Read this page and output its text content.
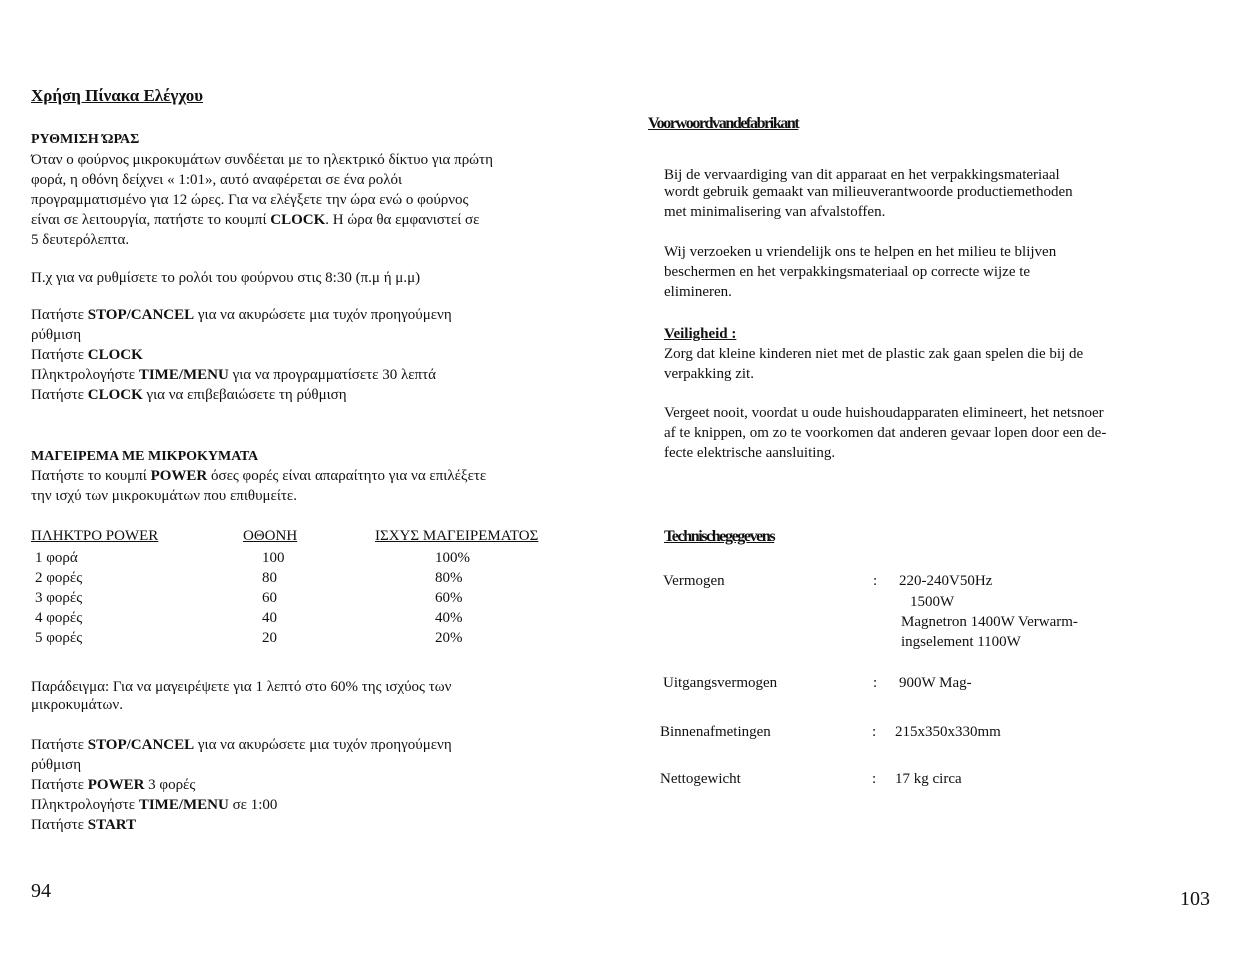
Χρήση Πίνακα Ελέγχου
ΡΥΘΜΙΣΗ ΏΡΑΣ
Όταν ο φούρνος μικροκυμάτων συνδέεται με το ηλεκτρικό δίκτυο για πρώτη
φορά, η οθόνη δείχνει « 1:01», αυτό αναφέρεται σε ένα ρολόι
προγραμματισμένο για 12 ώρες. Για να ελέγξετε την ώρα ενώ ο φούρνος
είναι σε λειτουργία, πατήστε το κουμπί CLOCK. Η ώρα θα εμφανιστεί σε
5 δευτερόλεπτα.
Π.χ για να ρυθμίσετε το ρολόι του φούρνου στις 8:30 (π.μ ή μ.μ)
Πατήστε STOP/CANCEL για να ακυρώσετε μια τυχόν προηγούμενη
ρύθμιση
Πατήστε CLOCK
Πληκτρολογήστε TIME/MENU για να προγραμματίσετε 30 λεπτά
Πατήστε CLOCK για να επιβεβαιώσετε τη ρύθμιση
ΜΑΓΕΙΡΕΜΑ ΜΕ ΜΙΚΡΟΚΥΜΑΤΑ
Πατήστε το κουμπί POWER όσες φορές είναι απαραίτητο για να επιλέξετε
την ισχύ των μικροκυμάτων που επιθυμείτε.
ΠΛΗΚΤΡΟ POWER	ΟΘΟΝΗ	ΙΣΧΥΣ ΜΑΓΕΙΡΕΜΑΤΟΣ
1 φορά	100	100%
2 φορές	80	80%
3 φορές	60	60%
4 φορές	40	40%
5 φορές	20	20%
Παράδειγμα: Για να μαγειρέψετε για 1 λεπτό στο 60% της ισχύος των
μικροκυμάτων.
Πατήστε STOP/CANCEL για να ακυρώσετε μια τυχόν προηγούμενη
ρύθμιση
Πατήστε POWER 3 φορές
Πληκτρολογήστε TIME/MENU σε 1:00
Πατήστε START
94
Voorwoordvandefabrikant
Bij de vervaardiging van dit apparaat en het verpakkingsmateriaal
wordt gebruik gemaakt van milieuverantwoorde productiemethoden
met minimalisering van afvalstoffen.
Wij verzoeken u vriendelijk ons te helpen en het milieu te blijven
beschermen en het verpakkingsmateriaal op correcte wijze te
elimineren.
Veiligheid :
Zorg dat kleine kinderen niet met de plastic zak gaan spelen die bij de
verpakking zit.
Vergeet nooit, voordat u oude huishoudapparaten elimineert, het netsnoer
af te knippen, om zo te voorkomen dat anderen gevaar lopen door een de-
fecte elektrische aansluiting.
Technischegegevens
Vermogen	: 220-240V50Hz
1500W
Magnetron 1400W Verwarm-
ingselement 1100W
Uitgangsvermogen	: 900W Mag-
Binnenafmetingen	: 215x350x330mm
Nettogewicht	: 17 kg circa
103
